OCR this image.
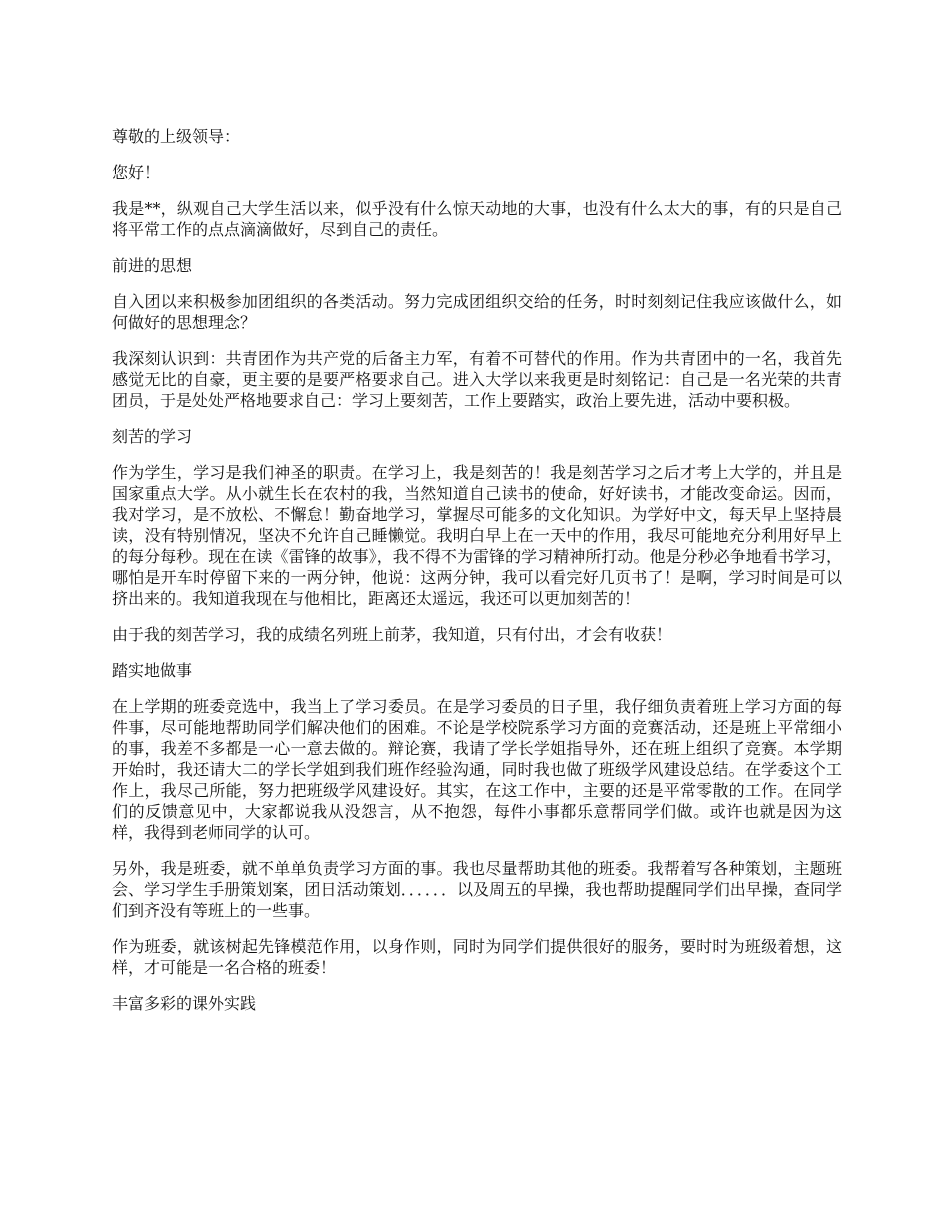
尊敬的上级领导：

您好！

我是**，纵观自己大学生活以来，似乎没有什么惊天动地的大事，也没有什么太大的事，有的只是自己将平常工作的点点滴滴做好，尽到自己的责任。

前进的思想

自入团以来积极参加团组织的各类活动。努力完成团组织交给的任务，时时刻刻记住我应该做什么，如何做好的思想理念？

我深刻认识到：共青团作为共产党的后备主力军，有着不可替代的作用。作为共青团中的一名，我首先感觉无比的自豪，更主要的是要严格要求自己。进入大学以来我更是时刻铭记：自己是一名光荣的共青团员，于是处处严格地要求自己：学习上要刻苦，工作上要踏实，政治上要先进，活动中要积极。

刻苦的学习

作为学生，学习是我们神圣的职责。在学习上，我是刻苦的！我是刻苦学习之后才考上大学的，并且是国家重点大学。从小就生长在农村的我，当然知道自己读书的使命，好好读书，才能改变命运。因而，我对学习，是不放松、不懈怠！勤奋地学习，掌握尽可能多的文化知识。为学好中文，每天早上坚持晨读，没有特别情况，坚决不允许自己睡懒觉。我明白早上在一天中的作用，我尽可能地充分利用好早上的每分每秒。现在在读《雷锋的故事》，我不得不为雷锋的学习精神所打动。他是分秒必争地看书学习，哪怕是开车时停留下来的一两分钟，他说：这两分钟，我可以看完好几页书了！是啊，学习时间是可以挤出来的。我知道我现在与他相比，距离还太遥远，我还可以更加刻苦的！

由于我的刻苦学习，我的成绩名列班上前茅，我知道，只有付出，才会有收获！

踏实地做事

在上学期的班委竞选中，我当上了学习委员。在是学习委员的日子里，我仔细负责着班上学习方面的每件事，尽可能地帮助同学们解决他们的困难。不论是学校院系学习方面的竞赛活动，还是班上平常细小的事，我差不多都是一心一意去做的。辩论赛，我请了学长学姐指导外，还在班上组织了竞赛。本学期开始时，我还请大二的学长学姐到我们班作经验沟通，同时我也做了班级学风建设总结。在学委这个工作上，我尽己所能，努力把班级学风建设好。其实，在这工作中，主要的还是平常零散的工作。在同学们的反馈意见中，大家都说我从没怨言，从不抱怨，每件小事都乐意帮同学们做。或许也就是因为这样，我得到老师同学的认可。

另外，我是班委，就不单单负责学习方面的事。我也尽量帮助其他的班委。我帮着写各种策划，主题班会、学习学生手册策划案，团日活动策划．．．．．．以及周五的早操，我也帮助提醒同学们出早操，查同学们到齐没有等班上的一些事。

作为班委，就该树起先锋模范作用，以身作则，同时为同学们提供很好的服务，要时时为班级着想，这样，才可能是一名合格的班委！

丰富多彩的课外实践
